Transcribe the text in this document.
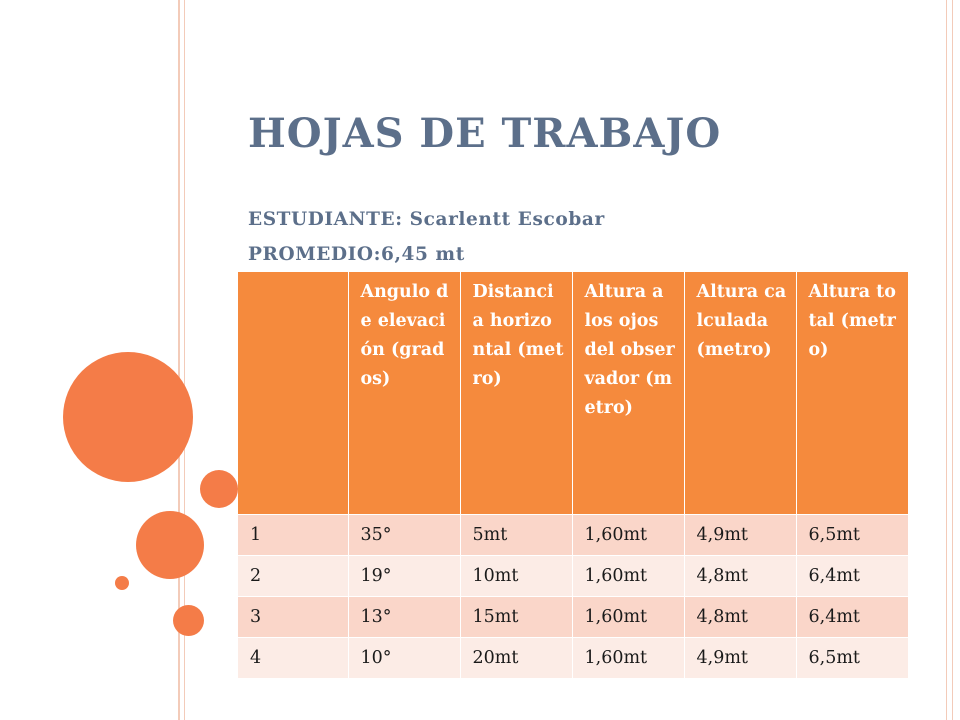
HOJAS DE TRABAJO

ESTUDIANTE: Scarlentt Escobar

PROMEDIO:6,45 mt

	Angulo de elevación (grados)	Distancia horizontal (metro)	Altura a los ojos del observador (metro)	Altura calculada (metro)	Altura total (metro)
1	35°	5mt	1,60mt	4,9mt	6,5mt
2	19°	10mt	1,60mt	4,8mt	6,4mt
3	13°	15mt	1,60mt	4,8mt	6,4mt
4	10°	20mt	1,60mt	4,9mt	6,5mt
